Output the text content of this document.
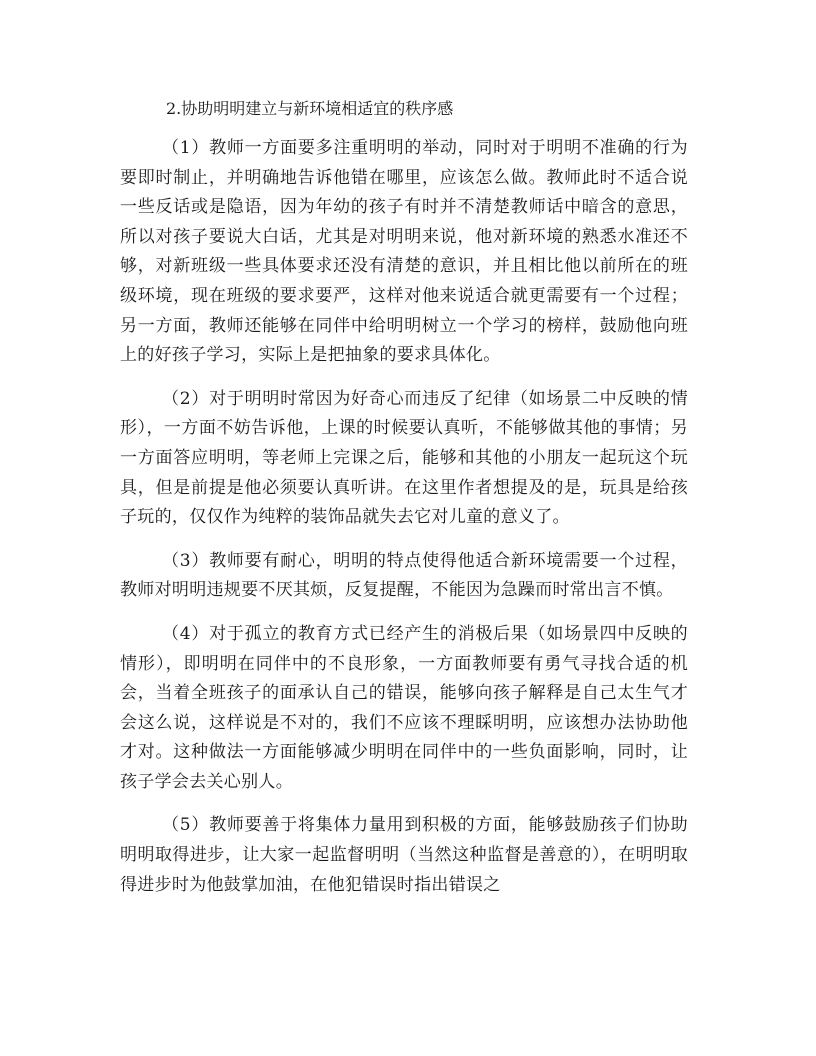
2.协助明明建立与新环境相适宜的秩序感

（1）教师一方面要多注重明明的举动，同时对于明明不准确的行为要即时制止，并明确地告诉他错在哪里，应该怎么做。教师此时不适合说一些反话或是隐语，因为年幼的孩子有时并不清楚教师话中暗含的意思，所以对孩子要说大白话，尤其是对明明来说，他对新环境的熟悉水准还不够，对新班级一些具体要求还没有清楚的意识，并且相比他以前所在的班级环境，现在班级的要求要严，这样对他来说适合就更需要有一个过程；另一方面，教师还能够在同伴中给明明树立一个学习的榜样，鼓励他向班上的好孩子学习，实际上是把抽象的要求具体化。

（2）对于明明时常因为好奇心而违反了纪律（如场景二中反映的情形），一方面不妨告诉他，上课的时候要认真听，不能够做其他的事情；另一方面答应明明，等老师上完课之后，能够和其他的小朋友一起玩这个玩具，但是前提是他必须要认真听讲。在这里作者想提及的是，玩具是给孩子玩的，仅仅作为纯粹的装饰品就失去它对儿童的意义了。

（3）教师要有耐心，明明的特点使得他适合新环境需要一个过程，教师对明明违规要不厌其烦，反复提醒，不能因为急躁而时常出言不慎。

（4）对于孤立的教育方式已经产生的消极后果（如场景四中反映的情形），即明明在同伴中的不良形象，一方面教师要有勇气寻找合适的机会，当着全班孩子的面承认自己的错误，能够向孩子解释是自己太生气才会这么说，这样说是不对的，我们不应该不理睬明明，应该想办法协助他才对。这种做法一方面能够减少明明在同伴中的一些负面影响，同时，让孩子学会去关心别人。

（5）教师要善于将集体力量用到积极的方面，能够鼓励孩子们协助明明取得进步，让大家一起监督明明（当然这种监督是善意的），在明明取得进步时为他鼓掌加油，在他犯错误时指出错误之
